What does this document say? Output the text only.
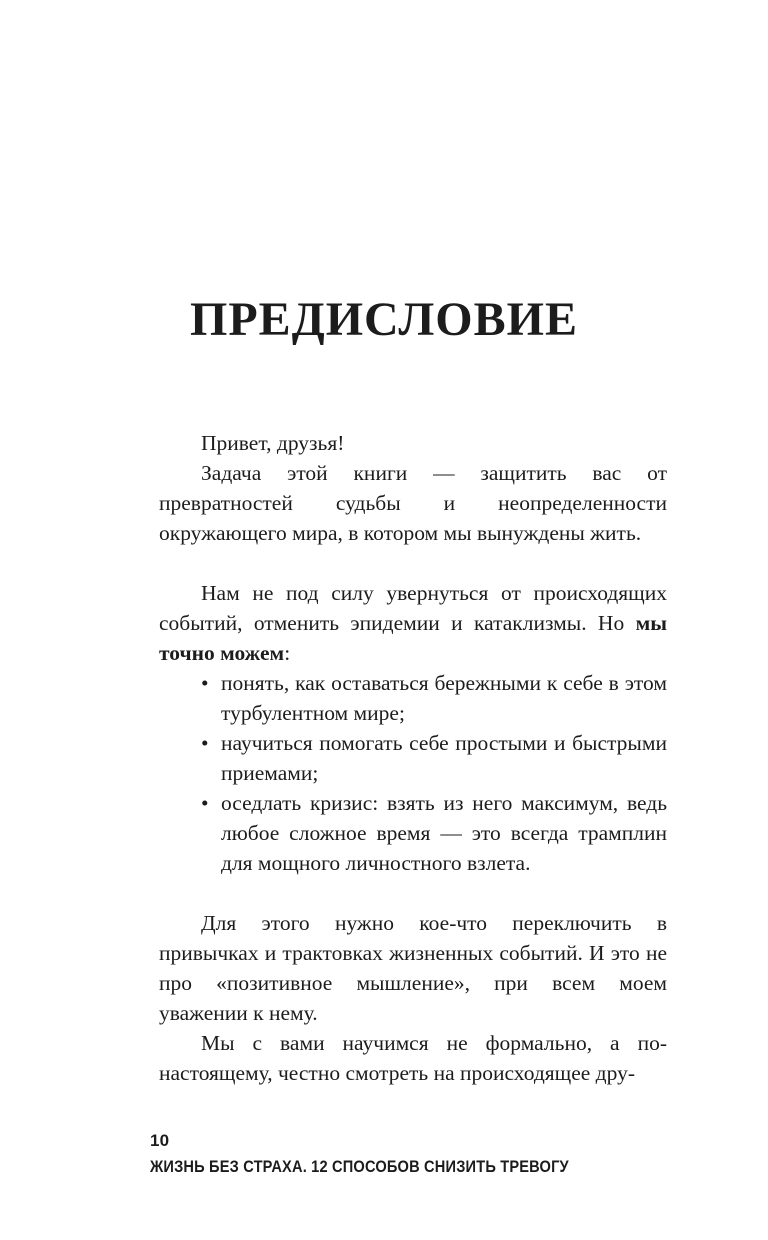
ПРЕДИСЛОВИЕ

Привет, друзья!

Задача этой книги — защитить вас от превратностей судьбы и неопределенности окружающего мира, в котором мы вынуждены жить.

Нам не под силу увернуться от происходящих событий, отменить эпидемии и катаклизмы. Но мы точно можем:

• понять, как оставаться бережными к себе в этом турбулентном мире;
• научиться помогать себе простыми и быстрыми приемами;
• оседлать кризис: взять из него максимум, ведь любое сложное время — это всегда трамплин для мощного личностного взлета.

Для этого нужно кое-что переключить в привычках и трактовках жизненных событий. И это не про «позитивное мышление», при всем моем уважении к нему.

Мы с вами научимся не формально, а по-настоящему, честно смотреть на происходящее дру-

10ЖИЗНЬ БЕЗ СТРАХА. 12 СПОСОБОВ СНИЗИТЬ ТРЕВОГУ
